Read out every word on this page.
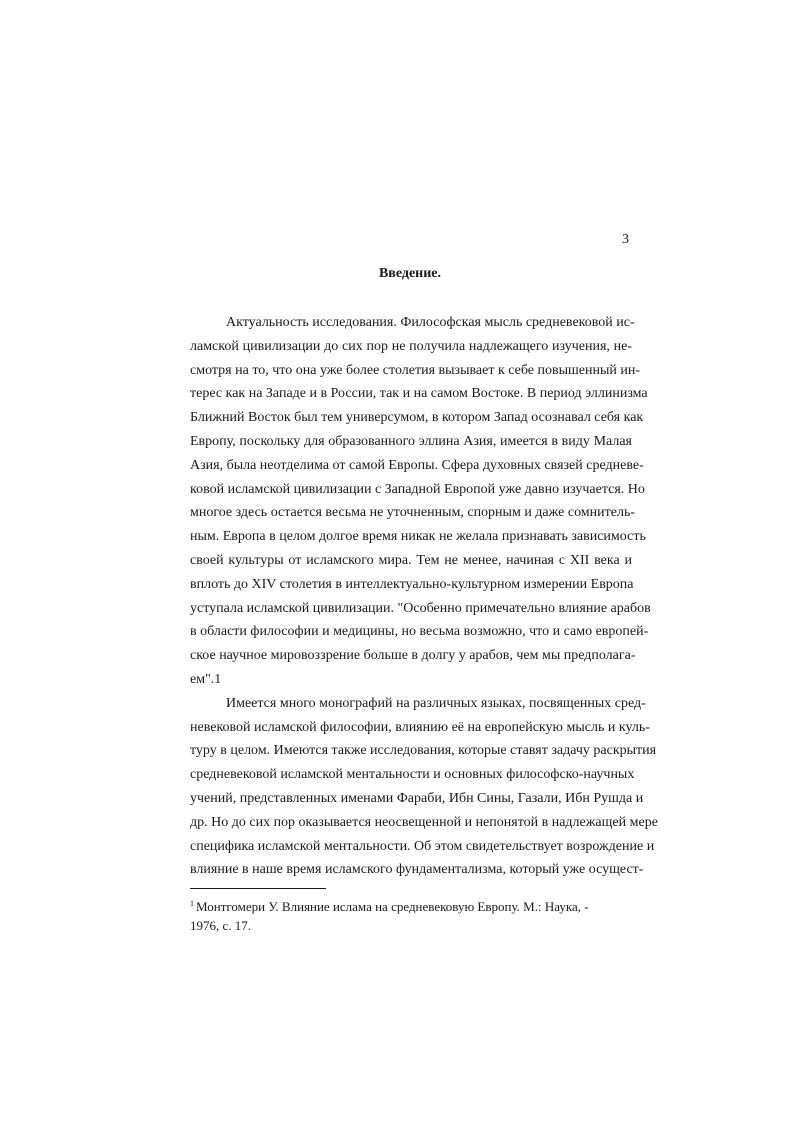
3
Введение.
Актуальность исследования. Философская мысль средневековой ис-
ламской цивилизации до сих пор не получила надлежащего изучения, не-
смотря на то, что она уже более столетия вызывает к себе повышенный ин-
терес как на Западе и в России, так и на самом Востоке. В период эллинизма
Ближний Восток был тем универсумом, в котором Запад осознавал себя как
Европу, поскольку для образованного эллина Азия, имеется в виду Малая
Азия, была неотделима от самой Европы. Сфера духовных связей средневе-
ковой исламской цивилизации с Западной Европой уже давно изучается. Но
многое здесь остается весьма не уточненным, спорным и даже сомнитель-
ным. Европа в целом долгое время никак не желала признавать зависимость
своей культуры от исламского мира. Тем не менее, начиная с XII века и
вплоть до XIV столетия в интеллектуально-культурном измерении Европа
уступала исламской цивилизации. "Особенно примечательно влияние арабов
в области философии и медицины, но весьма возможно, что и само европей-
ское научное мировоззрение больше в долгу у арабов, чем мы предполага-
ем".1
Имеется много монографий на различных языках, посвященных сред-
невековой исламской философии, влиянию её на европейскую мысль и куль-
туру в целом. Имеются также исследования, которые ставят задачу раскрытия
средневековой исламской ментальности и основных философско-научных
учений, представленных именами Фараби, Ибн Сины, Газали, Ибн Рушда и
др. Но до сих пор оказывается неосвещенной и непонятой в надлежащей мере
специфика исламской ментальности. Об этом свидетельствует возрождение и
влияние в наше время исламского фундаментализма, который уже осущест-
$^1$ Монтгомери У. Влияние ислама на средневековую Европу. М.: Наука, -
1976, с. 17.
